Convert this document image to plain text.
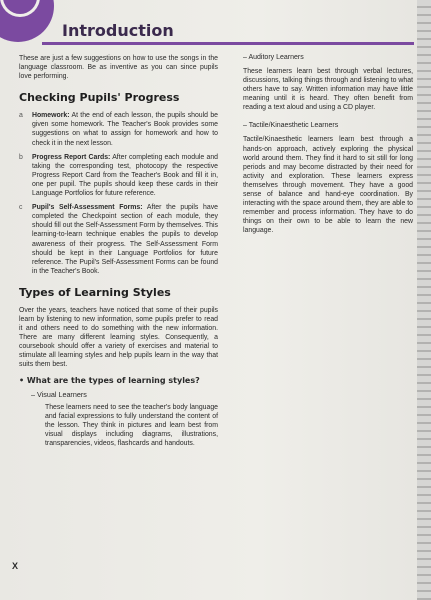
Introduction

These are just a few suggestions on how to use the songs in the language classroom. Be as inventive as you can since pupils love performing.

Checking Pupils' Progress
a	Homework: At the end of each lesson, the pupils should be given some homework. The Teacher's Book provides some suggestions on what to assign for homework and how to check it in the next lesson.
b	Progress Report Cards: After completing each module and taking the corresponding test, photocopy the respective Progress Report Card from the Teacher's Book and fill it in, one per pupil. The pupils should keep these cards in their Language Portfolios for future reference.
c	Pupil's Self-Assessment Forms: After the pupils have completed the Checkpoint section of each module, they should fill out the Self-Assessment Form by themselves. This learning-to-learn technique enables the pupils to develop awareness of their progress. The Self-Assessment Form should be kept in their Language Portfolios for future reference. The Pupil's Self-Assessment Forms can be found in the Teacher's Book.
Types of Learning Styles

Over the years, teachers have noticed that some of their pupils learn by listening to new information, some pupils prefer to read it and others need to do something with the new information. There are many different learning styles. Consequently, a coursebook should offer a variety of exercises and material to stimulate all learning styles and help pupils learn in the way that suits them best.

• What are the types of learning styles?
– Visual Learners

These learners need to see the teacher's body language and facial expressions to fully understand the content of the lesson. They think in pictures and learn best from visual displays including diagrams, illustrations, transparencies, videos, flashcards and handouts.

– Auditory Learners

These learners learn best through verbal lectures, discussions, talking things through and listening to what others have to say. Written information may have little meaning until it is heard. They often benefit from reading a text aloud and using a CD player.

– Tactile/Kinaesthetic Learners

Tactile/Kinaesthetic learners learn best through a hands-on approach, actively exploring the physical world around them. They find it hard to sit still for long periods and may become distracted by their need for activity and exploration. These learners express themselves through movement. They have a good sense of balance and hand-eye coordination. By interacting with the space around them, they are able to remember and process information. They have to do things on their own to be able to learn the new language.

X
